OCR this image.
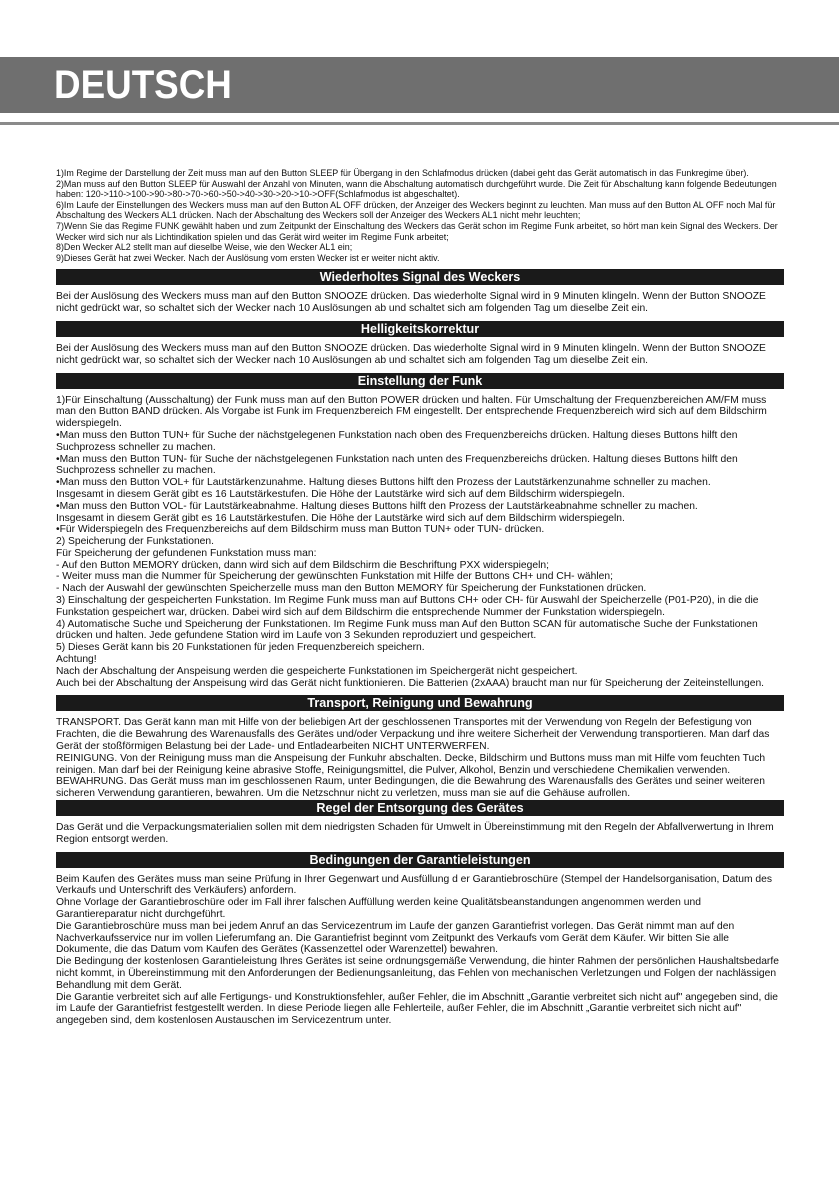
DEUTSCH

1)Im Regime der Darstellung der Zeit muss man auf den Button SLEEP für Übergang in den Schlafmodus drücken (dabei geht das Gerät automatisch in das Funkregime über).

2)Man muss auf den Button SLEEP für Auswahl der Anzahl von Minuten, wann die Abschaltung automatisch durchgeführt wurde. Die Zeit für Abschaltung kann folgende Bedeutungen haben: 120->110->100->90->80->70->60->50->40->30->20->10->OFF(Schlafmodus ist abgeschaltet).

6)Im Laufe der Einstellungen des Weckers muss man auf den Button AL OFF drücken, der Anzeiger des Weckers beginnt zu leuchten. Man muss auf den Button AL OFF noch Mal für Abschaltung des Weckers AL1 drücken. Nach der Abschaltung des Weckers soll der Anzeiger des Weckers AL1 nicht mehr leuchten;

7)Wenn Sie das Regime FUNK gewählt haben und zum Zeitpunkt der Einschaltung des Weckers das Gerät schon im Regime Funk arbeitet, so hört man kein Signal des Weckers. Der Wecker wird sich nur als Lichtindikation spielen und das Gerät wird weiter im Regime Funk arbeitet;

8)Den Wecker AL2 stellt man auf dieselbe Weise, wie den Wecker AL1 ein;

9)Dieses Gerät hat zwei Wecker. Nach der Auslösung vom ersten Wecker ist er weiter nicht aktiv.

Wiederholtes Signal des Weckers

Bei der Auslösung des Weckers muss man auf den Button SNOOZE drücken. Das wiederholte Signal wird in 9 Minuten klingeln. Wenn der Button SNOOZE nicht gedrückt war, so schaltet sich der Wecker nach 10 Auslösungen ab und schaltet sich am folgenden Tag um dieselbe Zeit ein.

Helligkeitskorrektur

Bei der Auslösung des Weckers muss man auf den Button SNOOZE drücken. Das wiederholte Signal wird in 9 Minuten klingeln. Wenn der Button SNOOZE nicht gedrückt war, so schaltet sich der Wecker nach 10 Auslösungen ab und schaltet sich am folgenden Tag um dieselbe Zeit ein.

Einstellung der Funk

1)Für Einschaltung (Ausschaltung) der Funk muss man auf den Button POWER drücken und halten. Für Umschaltung der Frequenzbereichen AM/FM muss man den Button BAND drücken. Als Vorgabe ist Funk im Frequenzbereich FM eingestellt. Der entsprechende Frequenzbereich wird sich auf dem Bildschirm widerspiegeln.

•Man muss den Button TUN+ für Suche der nächstgelegenen Funkstation nach oben des Frequenzbereichs drücken. Haltung dieses Buttons hilft den Suchprozess schneller zu machen.

•Man muss den Button TUN- für Suche der nächstgelegenen Funkstation nach unten des Frequenzbereichs drücken. Haltung dieses Buttons hilft den Suchprozess schneller zu machen.

•Man muss den Button VOL+ für Lautstärkenzunahme. Haltung dieses Buttons hilft den Prozess der Lautstärkenzunahme schneller zu machen.

Insgesamt in diesem Gerät gibt es 16 Lautstärkestufen. Die Höhe der Lautstärke wird sich auf dem Bildschirm widerspiegeln.

•Man muss den Button VOL- für Lautstärkeabnahme. Haltung dieses Buttons hilft den Prozess der Lautstärkeabnahme schneller zu machen.

Insgesamt in diesem Gerät gibt es 16 Lautstärkestufen. Die Höhe der Lautstärke wird sich auf dem Bildschirm widerspiegeln.

•Für Widerspiegeln des Frequenzbereichs auf dem Bildschirm muss man Button TUN+ oder TUN- drücken.

2) Speicherung der Funkstationen.

Für Speicherung der gefundenen Funkstation muss man:

- Auf den Button MEMORY drücken, dann wird sich auf dem Bildschirm die Beschriftung PXX widerspiegeln;

- Weiter muss man die Nummer für Speicherung der gewünschten Funkstation mit Hilfe der Buttons CH+ und CH- wählen;

- Nach der Auswahl der gewünschten Speicherzelle muss man den Button MEMORY für Speicherung der Funkstationen drücken.

3) Einschaltung der gespeicherten Funkstation. Im Regime Funk muss man auf Buttons CH+ oder CH- für Auswahl der Speicherzelle (P01-P20), in die die Funkstation gespeichert war, drücken. Dabei wird sich auf dem Bildschirm die entsprechende Nummer der Funkstation widerspiegeln.

4) Automatische Suche und Speicherung der Funkstationen. Im Regime Funk muss man Auf den Button SCAN für automatische Suche der Funkstationen drücken und halten. Jede gefundene Station wird im Laufe von 3 Sekunden reproduziert und gespeichert.

5) Dieses Gerät kann bis 20 Funkstationen für jeden Frequenzbereich speichern.

Achtung!

Nach der Abschaltung der Anspeisung werden die gespeicherte Funkstationen im Speichergerät nicht gespeichert.

Auch bei der Abschaltung der Anspeisung wird das Gerät nicht funktionieren. Die Batterien (2xAAA) braucht man nur für Speicherung der Zeiteinstellungen.

Transport, Reinigung und Bewahrung

TRANSPORT. Das Gerät kann man mit Hilfe von der beliebigen Art der geschlossenen Transportes mit der Verwendung von Regeln der Befestigung von Frachten, die die Bewahrung des Warenausfalls des Gerätes und/oder Verpackung und ihre weitere Sicherheit der Verwendung transportieren. Man darf das Gerät der stoßförmigen Belastung bei der Lade- und Entladearbeiten NICHT UNTERWERFEN.

REINIGUNG. Von der Reinigung muss man die Anspeisung der Funkuhr abschalten. Decke, Bildschirm und Buttons muss man mit Hilfe vom feuchten Tuch reinigen. Man darf bei der Reinigung keine abrasive Stoffe, Reinigungsmittel, die Pulver, Alkohol, Benzin und verschiedene Chemikalien verwenden.

BEWAHRUNG. Das Gerät muss man im geschlossenen Raum, unter Bedingungen, die die Bewahrung des Warenausfalls des Gerätes und seiner weiteren sicheren Verwendung garantieren, bewahren. Um die Netzschnur nicht zu verletzen, muss man sie auf die Gehäuse aufrollen.

Regel der Entsorgung des Gerätes

Das Gerät und die Verpackungsmaterialien sollen mit dem niedrigsten Schaden für Umwelt in Übereinstimmung mit den Regeln der Abfallverwertung in Ihrem Region entsorgt werden.

Bedingungen der Garantieleistungen

Beim Kaufen des Gerätes muss man seine Prüfung in Ihrer Gegenwart und Ausfüllung d er Garantiebroschüre (Stempel der Handelsorganisation, Datum des Verkaufs und Unterschrift des Verkäufers) anfordern.

Ohne Vorlage der Garantiebroschüre oder im Fall ihrer falschen Auffüllung werden keine Qualitätsbeanstandungen angenommen werden und Garantiereparatur nicht durchgeführt.

Die Garantiebroschüre muss man bei jedem Anruf an das Servicezentrum im Laufe der ganzen Garantiefrist vorlegen. Das Gerät nimmt man auf den Nachverkaufsservice nur im vollen Lieferumfang an. Die Garantiefrist beginnt vom Zeitpunkt des Verkaufs vom Gerät dem Käufer. Wir bitten Sie alle Dokumente, die das Datum vom Kaufen des Gerätes (Kassenzettel oder Warenzettel) bewahren.

Die Bedingung der kostenlosen Garantieleistung Ihres Gerätes ist seine ordnungsgemäße Verwendung, die hinter Rahmen der persönlichen Haushaltsbedarfe nicht kommt, in Übereinstimmung mit den Anforderungen der Bedienungsanleitung, das Fehlen von mechanischen Verletzungen und Folgen der nachlässigen Behandlung mit dem Gerät.

Die Garantie verbreitet sich auf alle Fertigungs- und Konstruktionsfehler, außer Fehler, die im Abschnitt „Garantie verbreitet sich nicht auf" angegeben sind, die im Laufe der Garantiefrist festgestellt werden. In diese Periode liegen alle Fehlerteile, außer Fehler, die im Abschnitt „Garantie verbreitet sich nicht auf" angegeben sind, dem kostenlosen Austauschen im Servicezentrum unter.
